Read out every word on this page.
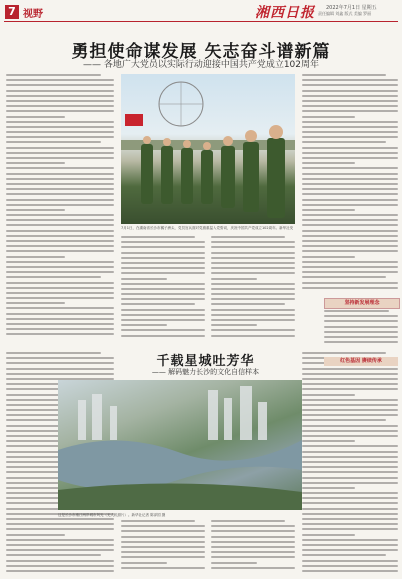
7 视野	湘西日报 2022年7月1日 星期五
责任编辑 刘鑫 版式 美编 罗丽
勇担使命谋发展 矢志奋斗谱新篇
—— 各地广大党员以实际行动迎接中国共产党成立102周年
7月1日，在湖南省长沙市橘子洲头，党员官兵面对党旗重温入党誓词，庆祝中国共产党成立102周年。新华社发
坚持新发展理念
千载星城吐芳华
—— 解码魅力长沙的文化自信样本
这是长沙市湘江两岸城市风光（无人机照片）。新华社记者 陈泽国 摄
红色基因 赓续传承
